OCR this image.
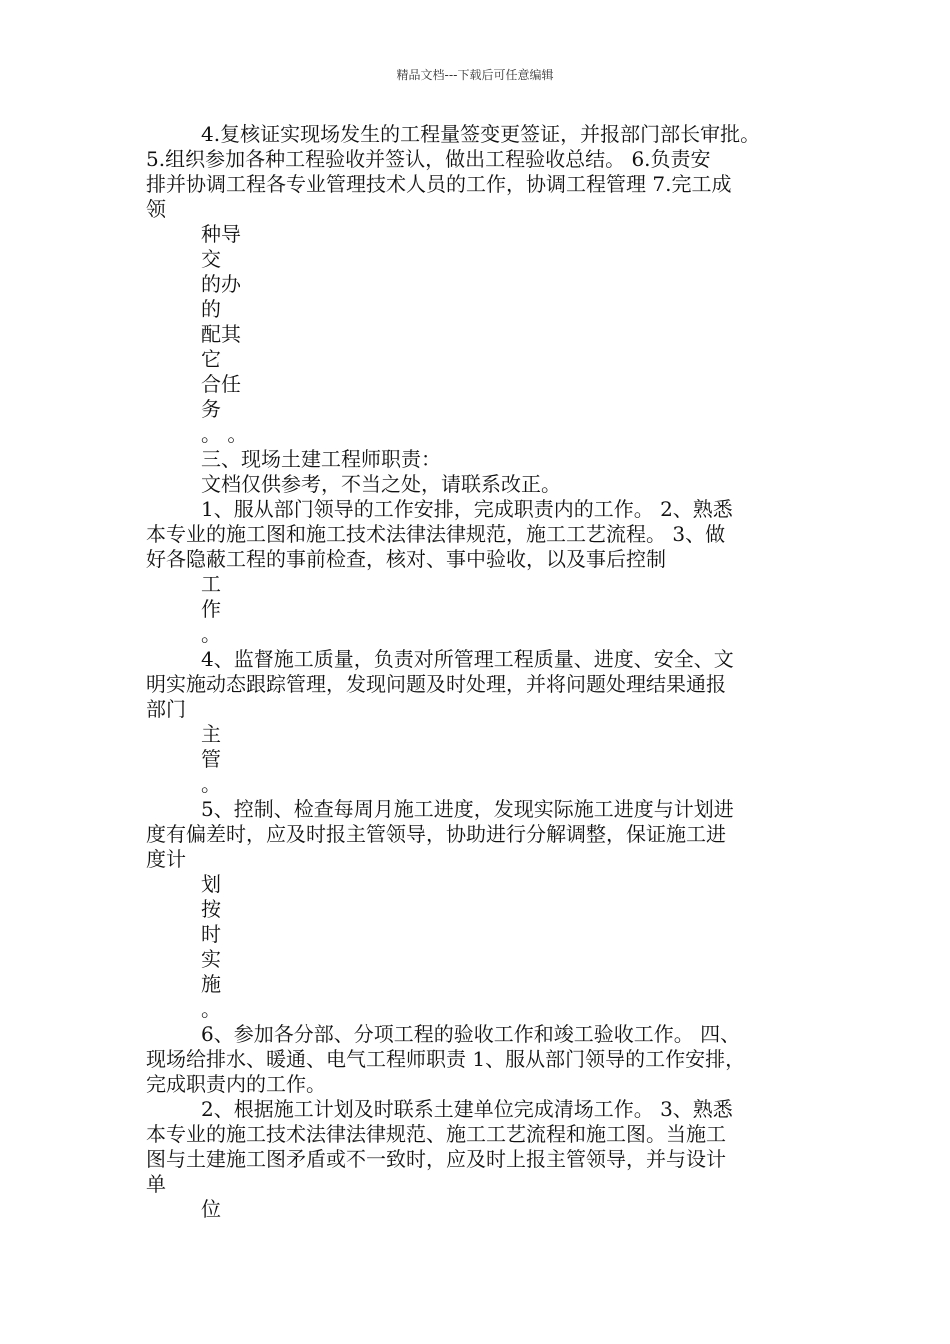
精品文档---下载后可任意编辑
4.复核证实现场发生的工程量签变更签证，并报部门部长审批。
5.组织参加各种工程验收并签认，做出工程验收总结。 6.负责安
排并协调工程各专业管理技术人员的工作，协调工程管理 7.完工成
领
种导
交
的办
的
配其
它
合任
务
。 。
三、现场土建工程师职责：
文档仅供参考，不当之处，请联系改正。
1、服从部门领导的工作安排，完成职责内的工作。 2、熟悉
本专业的施工图和施工技术法律法律规范，施工工艺流程。 3、做
好各隐蔽工程的事前检查，核对、事中验收，以及事后控制
工
作
。
4、监督施工质量，负责对所管理工程质量、进度、安全、文
明实施动态跟踪管理，发现问题及时处理，并将问题处理结果通报
部门
主
管
。
5、控制、检查每周月施工进度，发现实际施工进度与计划进
度有偏差时，应及时报主管领导，协助进行分解调整，保证施工进
度计
划
按
时
实
施
。
6、参加各分部、分项工程的验收工作和竣工验收工作。 四、
现场给排水、暖通、电气工程师职责 1、服从部门领导的工作安排，
完成职责内的工作。
2、根据施工计划及时联系土建单位完成清场工作。 3、熟悉
本专业的施工技术法律法律规范、施工工艺流程和施工图。当施工
图与土建施工图矛盾或不一致时，应及时上报主管领导，并与设计
单
位
